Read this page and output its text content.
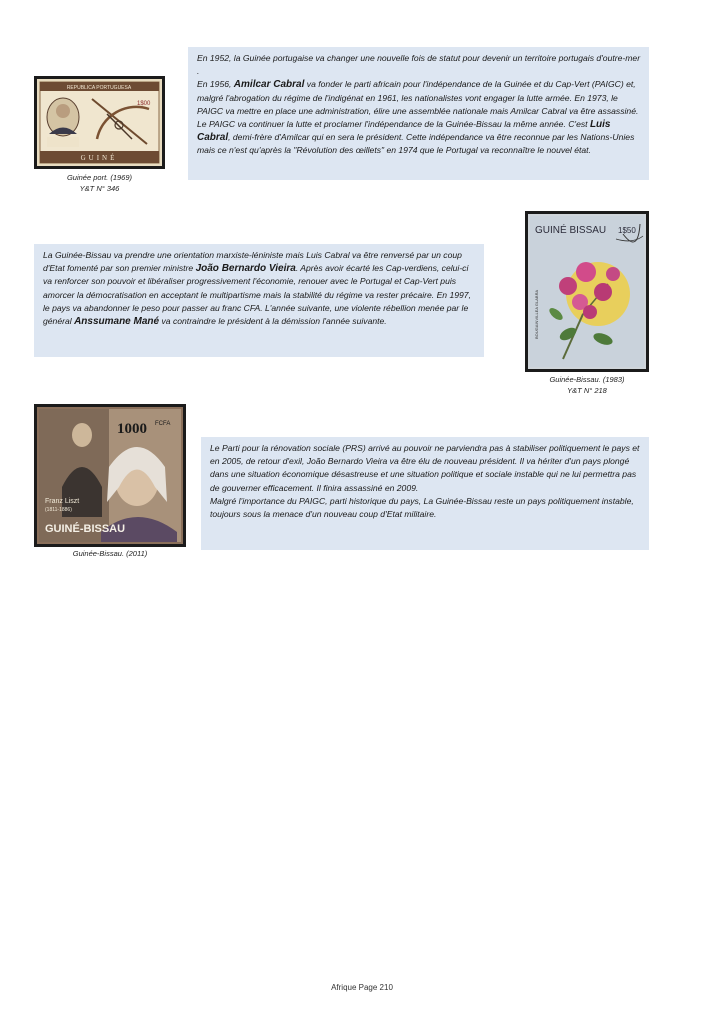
REPUBLICA PORTUGUESA
1$00
GUINÉ
Guinée port. (1969)
Y&T N° 346

En 1952, la Guinée portugaise va changer une nouvelle fois de statut pour devenir un territoire portugais d'outre-mer .

En 1956, Amilcar Cabral va fonder le parti africain pour l'indépendance de la Guinée et du Cap-Vert (PAIGC) et, malgré l'abrogation du régime de l'indigénat en 1961, les nationalistes vont engager la lutte armée. En 1973, le PAIGC va mettre en place une administration, élire une assemblée nationale mais Amilcar Cabral va être assassiné. Le PAIGC va continuer la lutte et proclamer l'indépendance de la Guinée-Bissau la même année. C'est Luis Cabral, demi-frère d'Amilcar qui en sera le président. Cette indépendance va être reconnue par les Nations-Unies mais ce n'est qu'après la "Révolution des œillets" en 1974 que le Portugal va reconnaître le nouvel état.

La Guinée-Bissau va prendre une orientation marxiste-léniniste mais Luis Cabral va être renversé par un coup d'Etat fomenté par son premier ministre João Bernardo Vieira. Après avoir écarté les Cap-verdiens, celui-ci va renforcer son pouvoir et libéraliser progressivement l'économie, renouer avec le Portugal et Cap-Vert puis amorcer la démocratisation en acceptant le multipartisme mais la stabilité du régime va rester précaire. En 1997, le pays va abandonner le peso pour passer au franc CFA. L'année suivante, une violente rébellion menée par le général Anssumane Mané va contraindre le président à la démission l'année suivante.

GUINÉ BISSAU 1$50
BOUGAINVILLEA GLABRA
Guinée-Bissau. (1983)
Y&T N° 218
1000 FCFA
Franz Liszt
(1811-1886)
GUINÉ-BISSAU
Guinée-Bissau. (2011)

Le Parti pour la rénovation sociale (PRS) arrivé au pouvoir ne parviendra pas à stabiliser politiquement le pays et en 2005, de retour d'exil, João Bernardo Vieira va être élu de nouveau président. Il va hériter d'un pays plongé dans une situation économique désastreuse et une situation politique et sociale instable qui ne lui permettra pas de gouverner efficacement. Il finira assassiné en 2009.

Malgré l'importance du PAIGC, parti historique du pays, La Guinée-Bissau reste un pays politiquement instable, toujours sous la menace d'un nouveau coup d'Etat militaire.

Afrique Page 210
